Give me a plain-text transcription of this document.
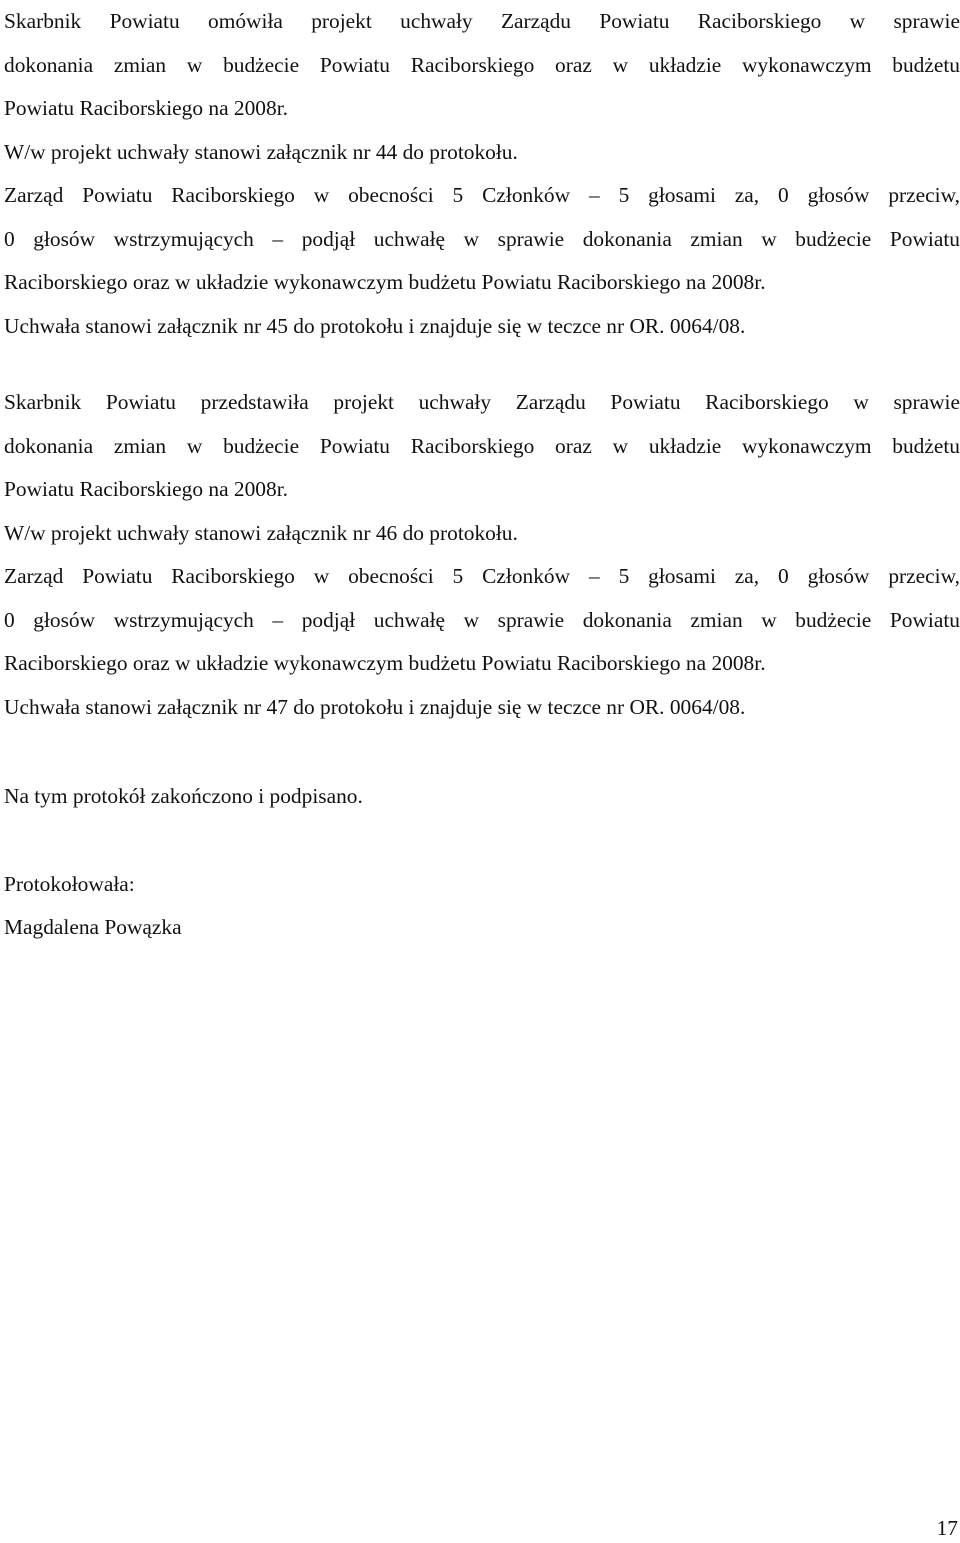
Skarbnik Powiatu omówiła projekt uchwały Zarządu Powiatu Raciborskiego w sprawie
dokonania zmian w budżecie Powiatu Raciborskiego oraz w układzie wykonawczym budżetu
Powiatu Raciborskiego na 2008r.
W/w projekt uchwały stanowi załącznik nr 44 do protokołu.
Zarząd Powiatu Raciborskiego w obecności 5 Członków – 5 głosami za, 0 głosów przeciw,
0 głosów wstrzymujących – podjął uchwałę w sprawie dokonania zmian w budżecie Powiatu
Raciborskiego oraz w układzie wykonawczym budżetu Powiatu Raciborskiego na 2008r.
Uchwała stanowi załącznik nr 45 do protokołu i znajduje się w teczce nr OR. 0064/08.
Skarbnik Powiatu przedstawiła projekt uchwały Zarządu Powiatu Raciborskiego w sprawie
dokonania zmian w budżecie Powiatu Raciborskiego oraz w układzie wykonawczym budżetu
Powiatu Raciborskiego na 2008r.
W/w projekt uchwały stanowi załącznik nr 46 do protokołu.
Zarząd Powiatu Raciborskiego w obecności 5 Członków – 5 głosami za, 0 głosów przeciw,
0 głosów wstrzymujących – podjął uchwałę w sprawie dokonania zmian w budżecie Powiatu
Raciborskiego oraz w układzie wykonawczym budżetu Powiatu Raciborskiego na 2008r.
Uchwała stanowi załącznik nr 47 do protokołu i znajduje się w teczce nr OR. 0064/08.
Na tym protokół zakończono i podpisano.
Protokołowała:
Magdalena Powązka
17
